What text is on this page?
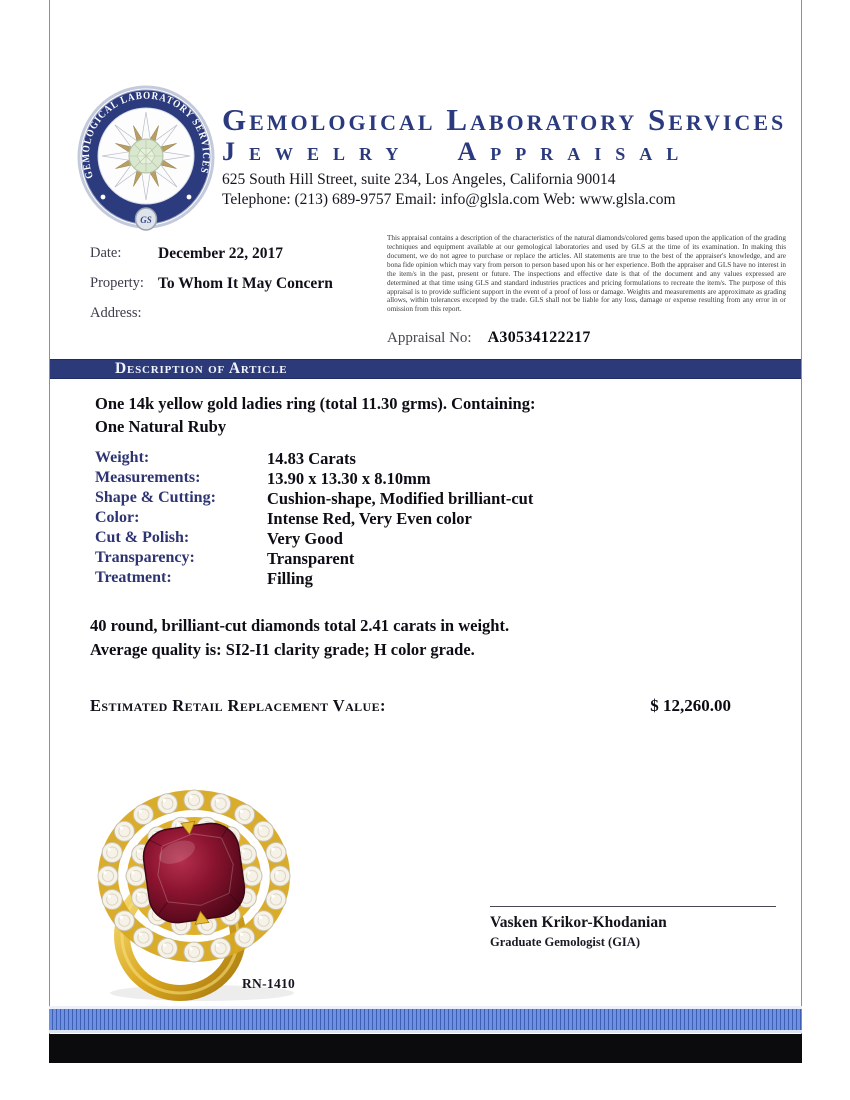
GEMOLOGICAL LABORATORY SERVICES
GS
Gemological Laboratory Services
Jewelry Appraisal
625 South Hill Street, suite 234, Los Angeles, California 90014
Telephone: (213) 689-9757 Email: info@glsla.com Web: www.glsla.com
Date:	December 22, 2017
Property: To Whom It May Concern
Address:
This appraisal contains a description of the characteristics of the natural diamonds/colored gems based upon the application of the grading techniques and equipment available at our gemological laboratories and used by GLS at the time of its examination. In making this document, we do not agree to purchase or replace the articles. All statements are true to the best of the appraiser's knowledge, and are bona fide opinion which may vary from person to person based upon his or her experience. Both the appraiser and GLS have no interest in the item/s in the past, present or future. The inspections and effective date is that of the document and any values expressed are determined at that time using GLS and standard industries practices and pricing formulations to recreate the item/s. The purpose of this appraisal is to provide sufficient support in the event of a proof of loss or damage. Weights and measurements are approximate as grading allows, within tolerances excepted by the trade. GLS shall not be liable for any loss, damage or expense resulting from any error in or omission from this report.
Appraisal No: A30534122217
Description of Article
One 14k yellow gold ladies ring (total 11.30 grms). Containing:
One Natural Ruby
Weight:	14.83 Carats
Measurements:	13.90 x 13.30 x 8.10mm
Shape & Cutting:	Cushion-shape, Modified brilliant-cut
Color:	Intense Red, Very Even color
Cut & Polish:	Very Good
Transparency:	Transparent
Treatment:	Filling
40 round, brilliant-cut diamonds total 2.41 carats in weight.
Average quality is: SI2-I1 clarity grade; H color grade.
Estimated Retail Replacement Value:	$ 12,260.00
RN-1410
Vasken Krikor-Khodanian
Graduate Gemologist (GIA)
